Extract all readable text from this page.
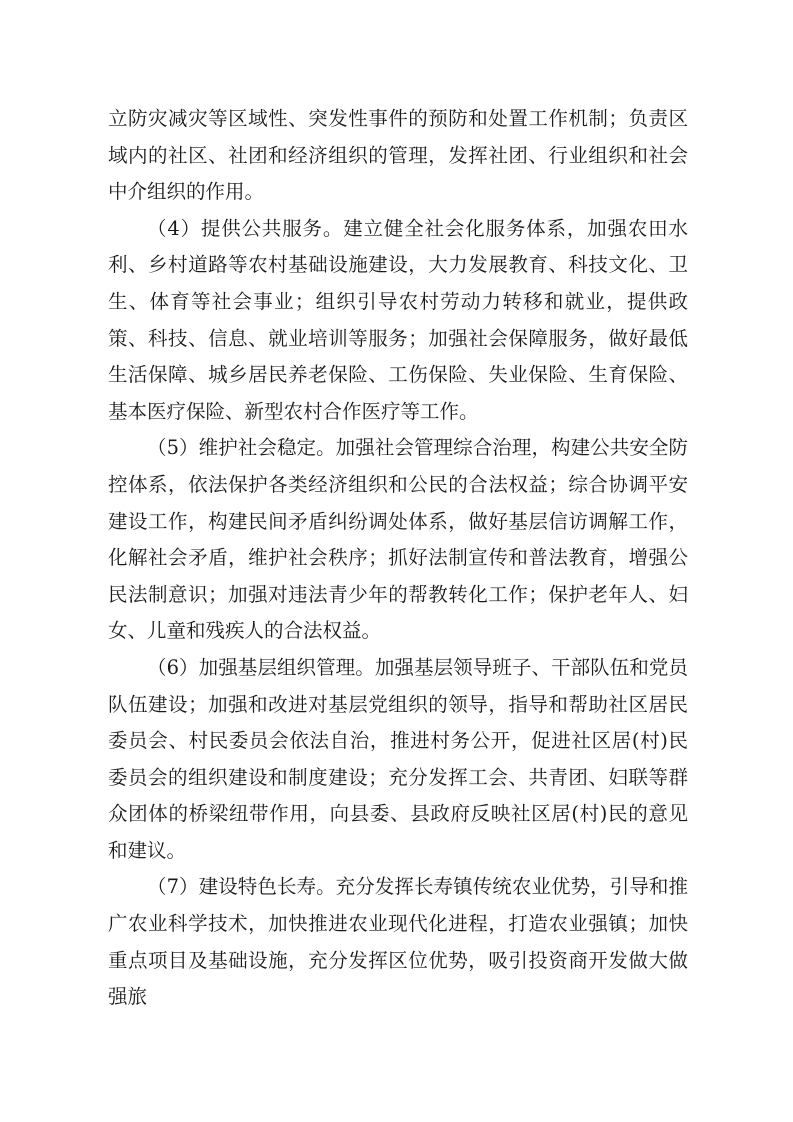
立防灾减灾等区域性、突发性事件的预防和处置工作机制；负责区域内的社区、社团和经济组织的管理，发挥社团、行业组织和社会中介组织的作用。

（4）提供公共服务。建立健全社会化服务体系，加强农田水利、乡村道路等农村基础设施建设，大力发展教育、科技文化、卫生、体育等社会事业；组织引导农村劳动力转移和就业，提供政策、科技、信息、就业培训等服务；加强社会保障服务，做好最低生活保障、城乡居民养老保险、工伤保险、失业保险、生育保险、基本医疗保险、新型农村合作医疗等工作。

（5）维护社会稳定。加强社会管理综合治理，构建公共安全防控体系，依法保护各类经济组织和公民的合法权益；综合协调平安建设工作，构建民间矛盾纠纷调处体系，做好基层信访调解工作，化解社会矛盾，维护社会秩序；抓好法制宣传和普法教育，增强公民法制意识；加强对违法青少年的帮教转化工作；保护老年人、妇女、儿童和残疾人的合法权益。

（6）加强基层组织管理。加强基层领导班子、干部队伍和党员队伍建设；加强和改进对基层党组织的领导，指导和帮助社区居民委员会、村民委员会依法自治，推进村务公开，促进社区居(村)民委员会的组织建设和制度建设；充分发挥工会、共青团、妇联等群众团体的桥梁纽带作用，向县委、县政府反映社区居(村)民的意见和建议。

（7）建设特色长寿。充分发挥长寿镇传统农业优势，引导和推广农业科学技术，加快推进农业现代化进程，打造农业强镇；加快重点项目及基础设施，充分发挥区位优势，吸引投资商开发做大做强旅
